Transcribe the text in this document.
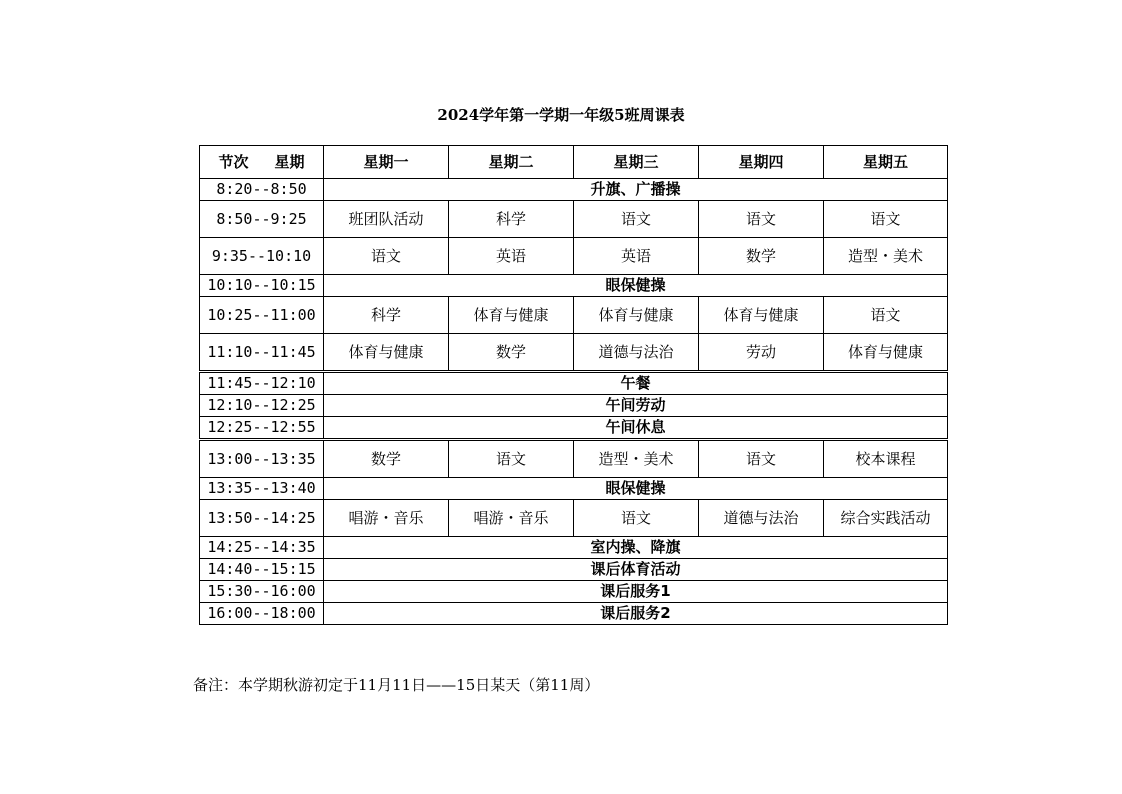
2024学年第一学期一年级5班周课表
节次 星期	星期一	星期二	星期三	星期四	星期五
8:20--8:50	升旗、广播操				
8:50--9:25	班团队活动	科学	语文	语文	语文
9:35--10:10	语文	英语	英语	数学	造型・美术
10:10--10:15	眼保健操				
10:25--11:00	科学	体育与健康	体育与健康	体育与健康	语文
11:10--11:45	体育与健康	数学	道德与法治	劳动	体育与健康
11:45--12:10	午餐				
12:10--12:25	午间劳动				
12:25--12:55	午间休息				
13:00--13:35	数学	语文	造型・美术	语文	校本课程
13:35--13:40	眼保健操				
13:50--14:25	唱游・音乐	唱游・音乐	语文	道德与法治	综合实践活动
14:25--14:35	室内操、降旗				
14:40--15:15	课后体育活动				
15:30--16:00	课后服务1				
16:00--18:00	课后服务2				
备注：本学期秋游初定于11月11日——15日某天（第11周）
